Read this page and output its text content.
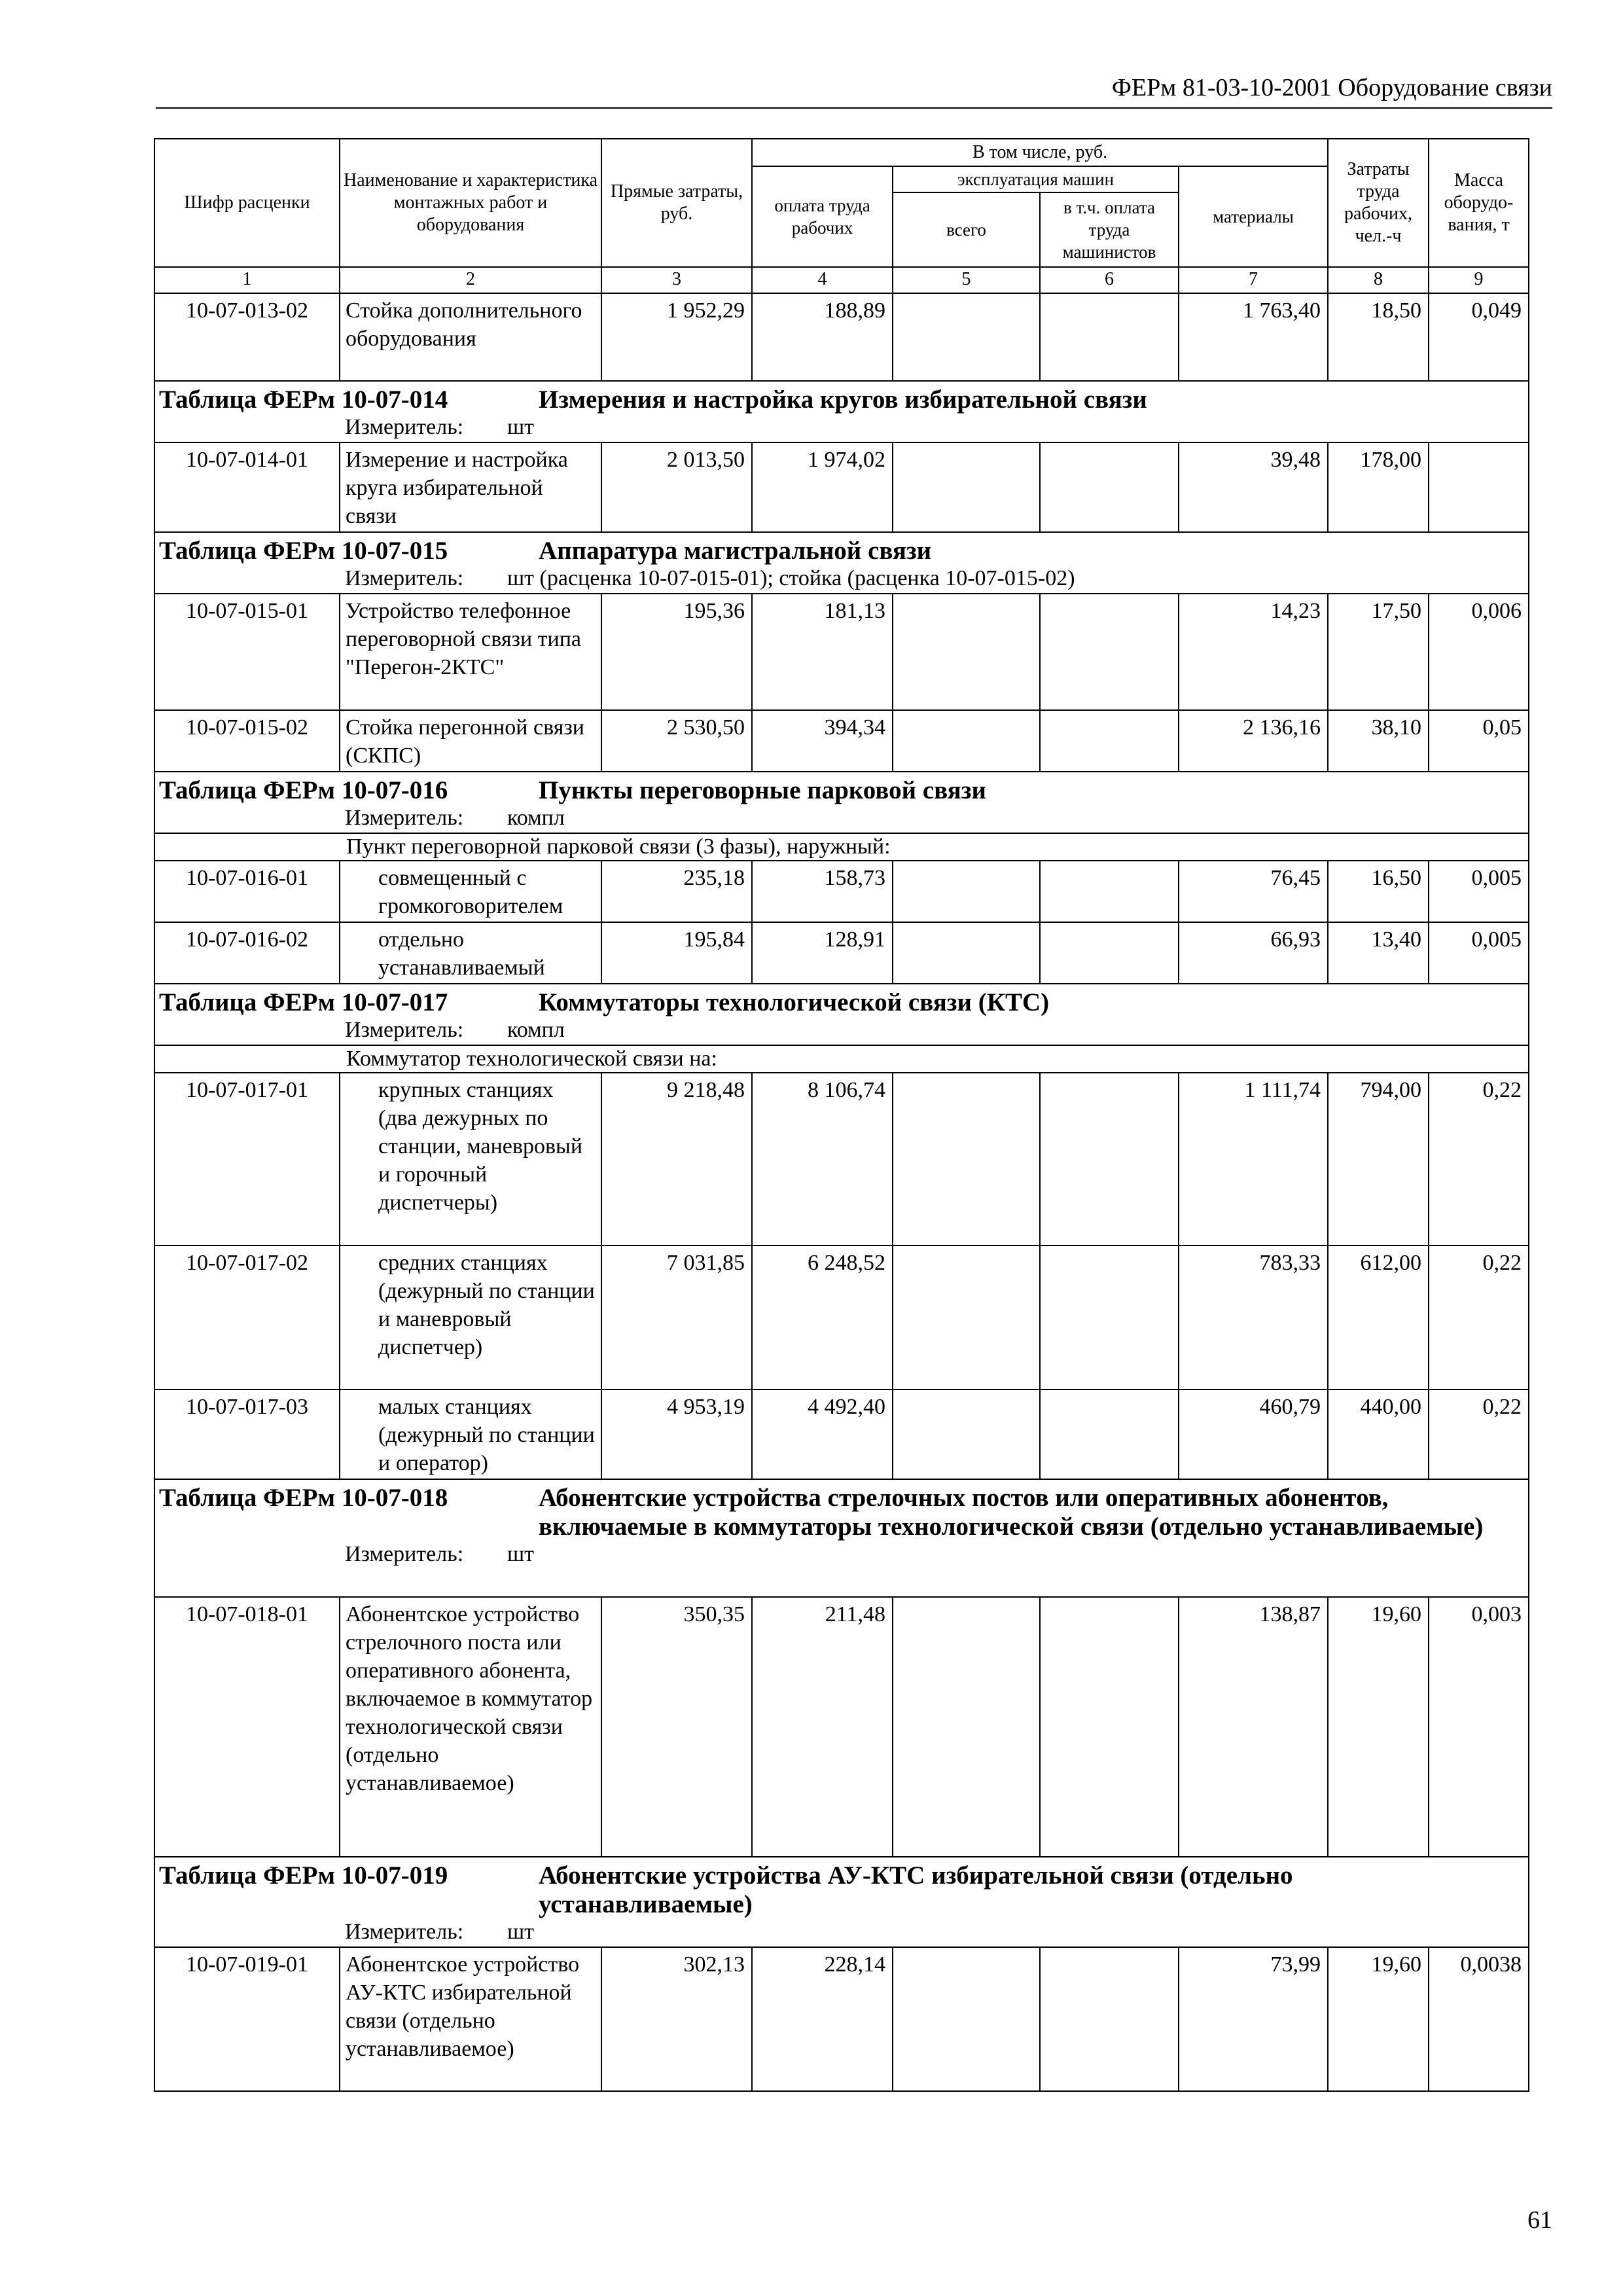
ФЕРм 81-03-10-2001 Оборудование связи
Шифр расценки	Наименование и характеристика монтажных работ и оборудования	Прямые затраты, руб.	В том числе, руб.				Затраты труда рабочих, чел.-ч	Масса оборудо-вания, т
			оплата труда рабочих	эксплуатация машин		материалы		
				всего	в т.ч. оплата труда машинистов			

1	2	3	4	5	6	7	8	9
10-07-013-02	Стойка дополнительного оборудования	1 952,29	188,89			1 763,40	18,50	0,049

Таблица ФЕРм 10-07-014 Измерения и настройка кругов избирательной связи
Измеритель: шт								

10-07-014-01	Измерение и настройка круга избирательной связи	2 013,50	1 974,02			39,48	178,00	

Таблица ФЕРм 10-07-015 Аппаратура магистральной связи
Измеритель: шт (расценка 10-07-015-01); стойка (расценка 10-07-015-02)								

10-07-015-01	Устройство телефонное переговорной связи типа "Перегон-2КТС"	195,36	181,13			14,23	17,50	0,006
10-07-015-02	Стойка перегонной связи (СКПС)	2 530,50	394,34			2 136,16	38,10	0,05

Таблица ФЕРм 10-07-016 Пункты переговорные парковой связи
Измеритель: компл								

Пункт переговорной парковой связи (3 фазы), наружный:								
10-07-016-01	совмещенный с громкоговорителем	235,18	158,73			76,45	16,50	0,005
10-07-016-02	отдельно устанавливаемый	195,84	128,91			66,93	13,40	0,005

Таблица ФЕРм 10-07-017 Коммутаторы технологической связи (КТС)
Измеритель: компл								

Коммутатор технологической связи на:								
10-07-017-01	крупных станциях (два дежурных по станции, маневровый и горочный диспетчеры)	9 218,48	8 106,74			1 111,74	794,00	0,22
10-07-017-02	средних станциях (дежурный по станции и маневровый диспетчер)	7 031,85	6 248,52			783,33	612,00	0,22
10-07-017-03	малых станциях (дежурный по станции и оператор)	4 953,19	4 492,40			460,79	440,00	0,22

Таблица ФЕРм 10-07-018 Абонентские устройства стрелочных постов или оперативных абонентов, включаемые в коммутаторы технологической связи (отдельно устанавливаемые)
Измеритель: шт								

10-07-018-01	Абонентское устройство стрелочного поста или оперативного абонента, включаемое в коммутатор технологической связи (отдельно устанавливаемое)	350,35	211,48			138,87	19,60	0,003

Таблица ФЕРм 10-07-019 Абонентские устройства АУ-КТС избирательной связи (отдельно устанавливаемые)
Измеритель: шт								

10-07-019-01	Абонентское устройство АУ-КТС избирательной связи (отдельно устанавливаемое)	302,13	228,14			73,99	19,60	0,0038
61
